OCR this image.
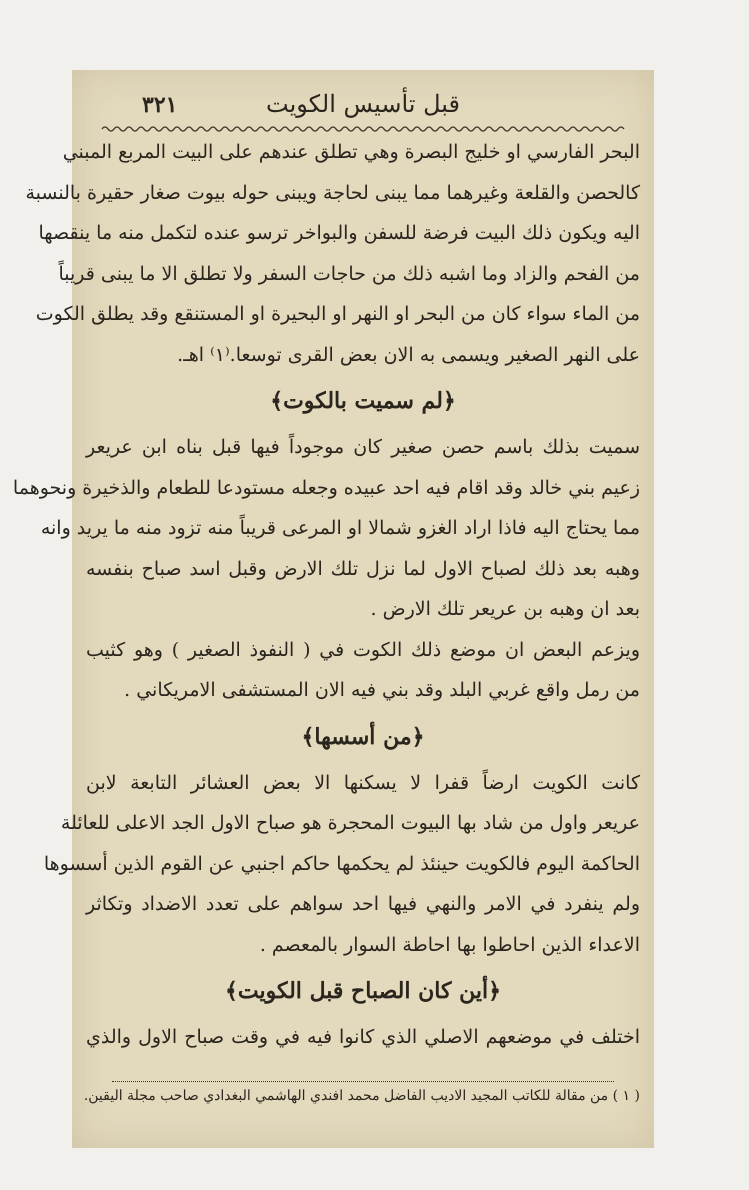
قبل تأسيس الكويت
٣٢١
البحر الفارسي او خليج البصرة وهي تطلق عندهم على البيت المربع المبني
كالحصن والقلعة وغيرهما مما يبنى لحاجة ويبنى حوله بيوت صغار حقيرة بالنسبة
اليه ويكون ذلك البيت فرضة للسفن والبواخر ترسو عنده لتكمل منه ما ينقصها
من الفحم والزاد وما اشبه ذلك من حاجات السفر ولا تطلق الا ما يبنى قريباً
من الماء سواء كان من البحر او النهر او البحيرة او المستنقع وقد يطلق الكوت
على النهر الصغير ويسمى به الان بعض القرى توسعا.⁽١⁾ اهـ.
﴿لم سميت بالكوت﴾
سميت بذلك باسم حصن صغير كان موجوداً فيها قبل بناه ابن عريعر
زعيم بني خالد وقد اقام فيه احد عبيده وجعله مستودعا للطعام والذخيرة ونحوهما
مما يحتاج اليه فاذا اراد الغزو شمالا او المرعى قريباً منه تزود منه ما يريد وانه
وهبه بعد ذلك لصباح الاول لما نزل تلك الارض وقبل اسد صباح بنفسه
بعد ان وهبه بن عريعر تلك الارض .
ويزعم البعض ان موضع ذلك الكوت في ( النفوذ الصغير ) وهو كثيب
من رمل واقع غربي البلد وقد بني فيه الان المستشفى الامريكاني .
﴿من أسسها﴾
كانت الكويت ارضاً قفرا لا يسكنها الا بعض العشائر التابعة لابن
عريعر واول من شاد بها البيوت المحجرة هو صباح الاول الجد الاعلى للعائلة
الحاكمة اليوم فالكويت حينئذ لم يحكمها حاكم اجنبي عن القوم الذين أسسوها
ولم ينفرد في الامر والنهي فيها احد سواهم على تعدد الاضداد وتكاثر
الاعداء الذين احاطوا بها احاطة السوار بالمعصم .
﴿أين كان الصباح قبل الكويت﴾
اختلف في موضعهم الاصلي الذي كانوا فيه في وقت صباح الاول والذي
( ١ ) من مقالة للكاتب المجيد الاديب الفاضل محمد افندي الهاشمي البغدادي صاحب مجلة اليقين.
